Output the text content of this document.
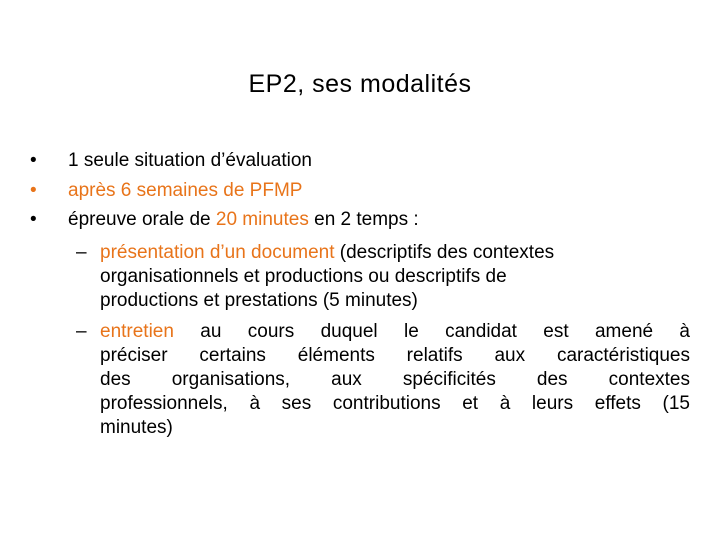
EP2, ses modalités
• 1 seule situation d’évaluation
• après 6 semaines de PFMP
• épreuve orale de 20 minutes en 2 temps :
– présentation d’un document (descriptifs des contextes
organisationnels et productions ou descriptifs de
productions et prestations (5 minutes)
– entretien au cours duquel le candidat est amené à
préciser certains éléments relatifs aux caractéristiques
des organisations, aux spécificités des contextes
professionnels, à ses contributions et à leurs effets (15
minutes)
